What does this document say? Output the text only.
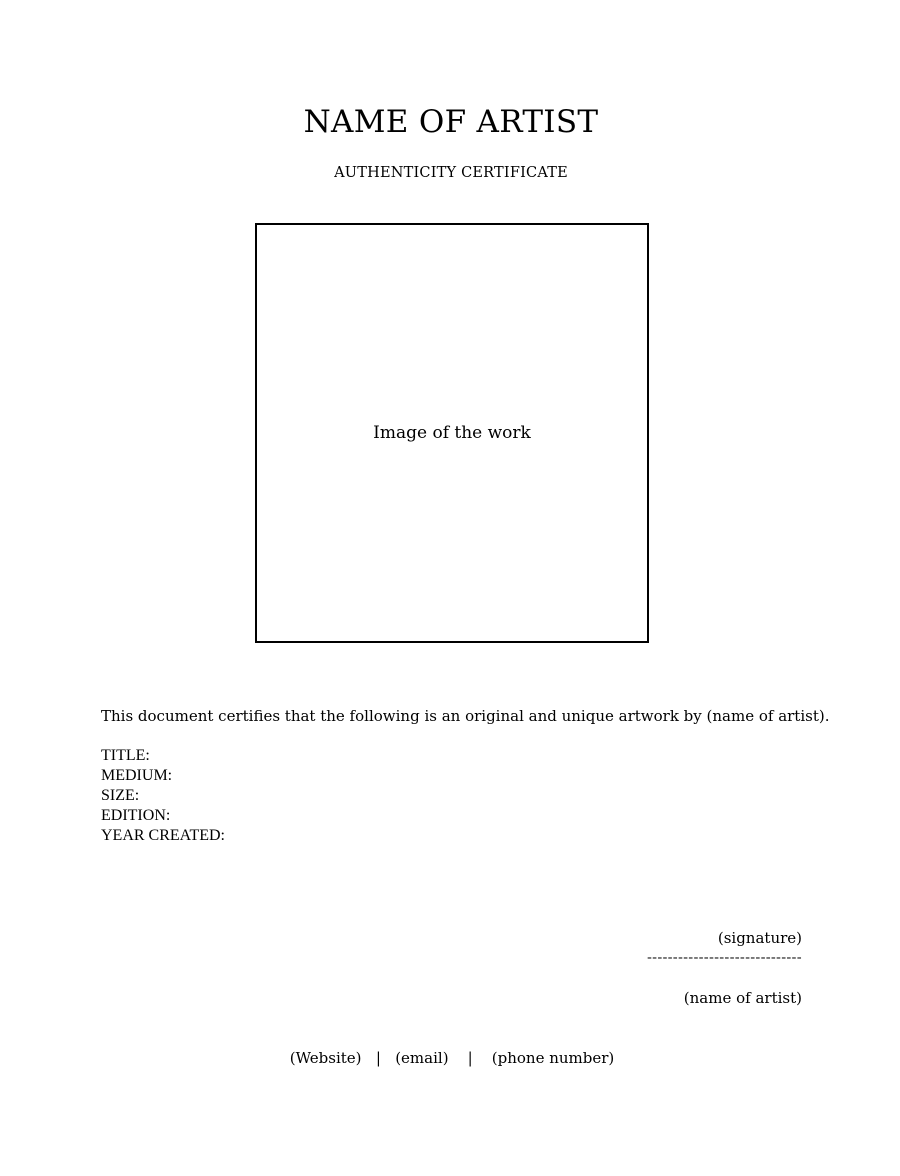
NAME OF ARTIST
AUTHENTICITY CERTIFICATE
Image of the work
This document certifies that the following is an original and unique artwork by (name of artist).
TITLE:
MEDIUM:
SIZE:
EDITION:
YEAR CREATED:
(signature)
------------------------------
(name of artist)
(Website) | (email) | (phone number)
